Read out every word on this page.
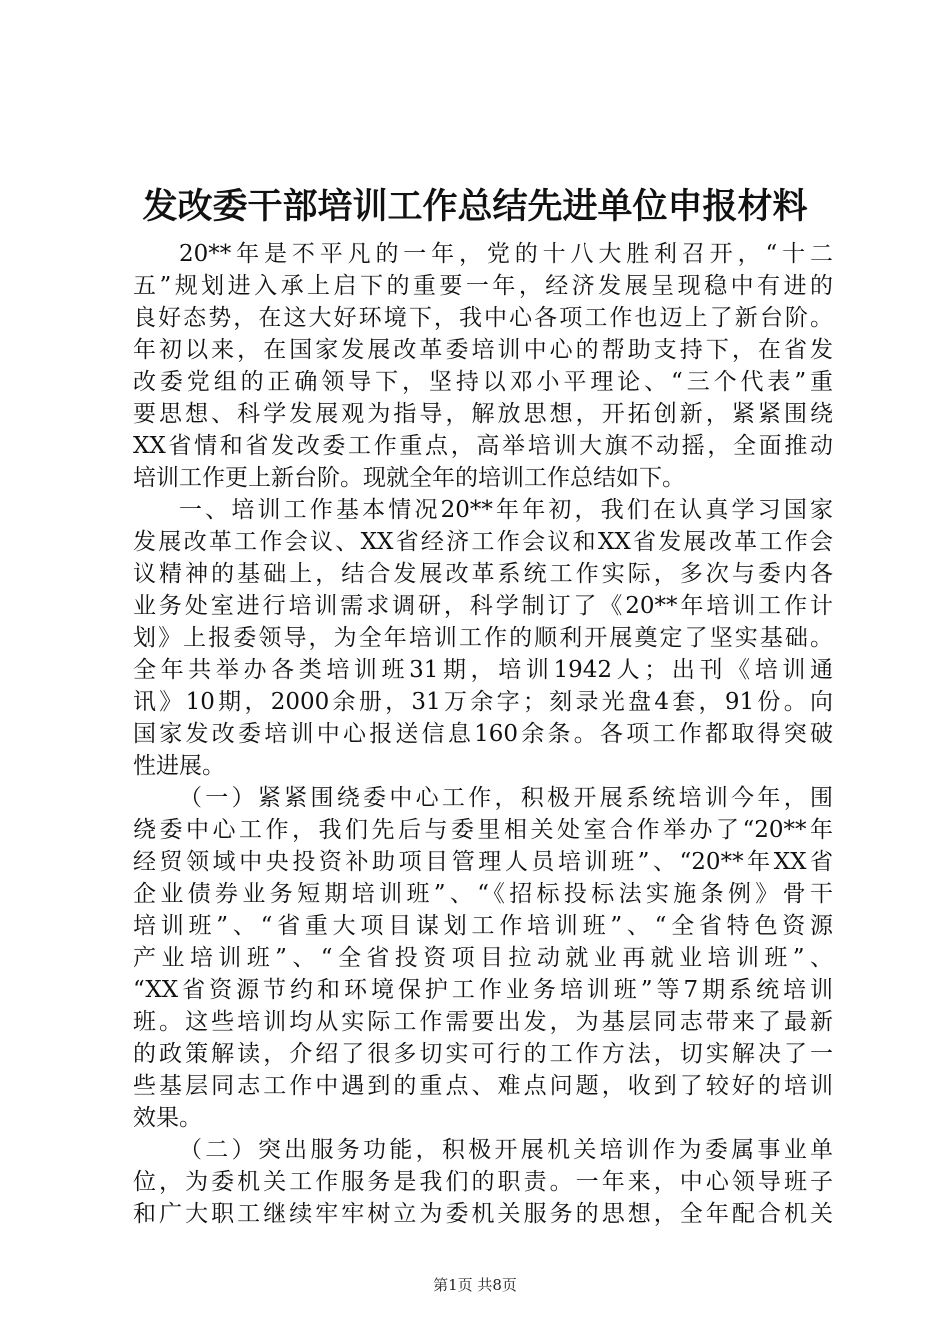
发改委干部培训工作总结先进单位申报材料
20**年是不平凡的一年，党的十八大胜利召开，“十二
五”规划进入承上启下的重要一年，经济发展呈现稳中有进的
良好态势，在这大好环境下，我中心各项工作也迈上了新台阶。
年初以来，在国家发展改革委培训中心的帮助支持下，在省发
改委党组的正确领导下，坚持以邓小平理论、“三个代表”重
要思想、科学发展观为指导，解放思想，开拓创新，紧紧围绕
XX省情和省发改委工作重点，高举培训大旗不动摇，全面推动
培训工作更上新台阶。现就全年的培训工作总结如下。
一、培训工作基本情况20**年年初，我们在认真学习国家
发展改革工作会议、XX省经济工作会议和XX省发展改革工作会
议精神的基础上，结合发展改革系统工作实际，多次与委内各
业务处室进行培训需求调研，科学制订了《20**年培训工作计
划》上报委领导，为全年培训工作的顺利开展奠定了坚实基础。
全年共举办各类培训班31期，培训1942人；出刊《培训通
讯》10期，2000余册，31万余字；刻录光盘4套，91份。向
国家发改委培训中心报送信息160余条。各项工作都取得突破
性进展。
（一）紧紧围绕委中心工作，积极开展系统培训今年，围
绕委中心工作，我们先后与委里相关处室合作举办了“20**年
经贸领域中央投资补助项目管理人员培训班”、“20**年XX省
企业债券业务短期培训班”、“《招标投标法实施条例》骨干
培训班”、“省重大项目谋划工作培训班”、“全省特色资源
产业培训班”、“全省投资项目拉动就业再就业培训班”、
“XX省资源节约和环境保护工作业务培训班”等7期系统培训
班。这些培训均从实际工作需要出发，为基层同志带来了最新
的政策解读，介绍了很多切实可行的工作方法，切实解决了一
些基层同志工作中遇到的重点、难点问题，收到了较好的培训
效果。
（二）突出服务功能，积极开展机关培训作为委属事业单
位，为委机关工作服务是我们的职责。一年来，中心领导班子
和广大职工继续牢牢树立为委机关服务的思想，全年配合机关
第1页 共8页
